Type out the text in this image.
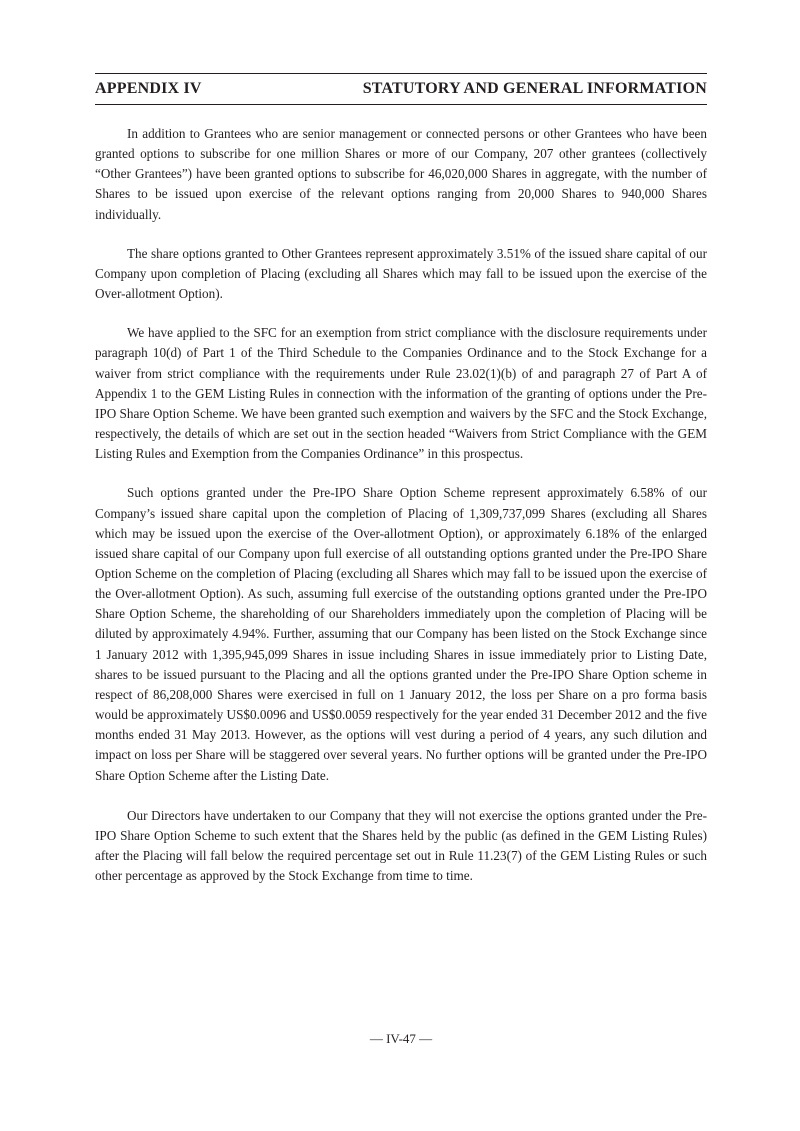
APPENDIX IV	STATUTORY AND GENERAL INFORMATION

In addition to Grantees who are senior management or connected persons or other Grantees who have been granted options to subscribe for one million Shares or more of our Company, 207 other grantees (collectively “Other Grantees”) have been granted options to subscribe for 46,020,000 Shares in aggregate, with the number of Shares to be issued upon exercise of the relevant options ranging from 20,000 Shares to 940,000 Shares individually.

The share options granted to Other Grantees represent approximately 3.51% of the issued share capital of our Company upon completion of Placing (excluding all Shares which may fall to be issued upon the exercise of the Over-allotment Option).

We have applied to the SFC for an exemption from strict compliance with the disclosure requirements under paragraph 10(d) of Part 1 of the Third Schedule to the Companies Ordinance and to the Stock Exchange for a waiver from strict compliance with the requirements under Rule 23.02(1)(b) of and paragraph 27 of Part A of Appendix 1 to the GEM Listing Rules in connection with the information of the granting of options under the Pre-IPO Share Option Scheme. We have been granted such exemption and waivers by the SFC and the Stock Exchange, respectively, the details of which are set out in the section headed “Waivers from Strict Compliance with the GEM Listing Rules and Exemption from the Companies Ordinance” in this prospectus.

Such options granted under the Pre-IPO Share Option Scheme represent approximately 6.58% of our Company’s issued share capital upon the completion of Placing of 1,309,737,099 Shares (excluding all Shares which may be issued upon the exercise of the Over-allotment Option), or approximately 6.18% of the enlarged issued share capital of our Company upon full exercise of all outstanding options granted under the Pre-IPO Share Option Scheme on the completion of Placing (excluding all Shares which may fall to be issued upon the exercise of the Over-allotment Option). As such, assuming full exercise of the outstanding options granted under the Pre-IPO Share Option Scheme, the shareholding of our Shareholders immediately upon the completion of Placing will be diluted by approximately 4.94%. Further, assuming that our Company has been listed on the Stock Exchange since 1 January 2012 with 1,395,945,099 Shares in issue including Shares in issue immediately prior to Listing Date, shares to be issued pursuant to the Placing and all the options granted under the Pre-IPO Share Option scheme in respect of 86,208,000 Shares were exercised in full on 1 January 2012, the loss per Share on a pro forma basis would be approximately US$0.0096 and US$0.0059 respectively for the year ended 31 December 2012 and the five months ended 31 May 2013. However, as the options will vest during a period of 4 years, any such dilution and impact on loss per Share will be staggered over several years. No further options will be granted under the Pre-IPO Share Option Scheme after the Listing Date.

Our Directors have undertaken to our Company that they will not exercise the options granted under the Pre-IPO Share Option Scheme to such extent that the Shares held by the public (as defined in the GEM Listing Rules) after the Placing will fall below the required percentage set out in Rule 11.23(7) of the GEM Listing Rules or such other percentage as approved by the Stock Exchange from time to time.

— IV-47 —
